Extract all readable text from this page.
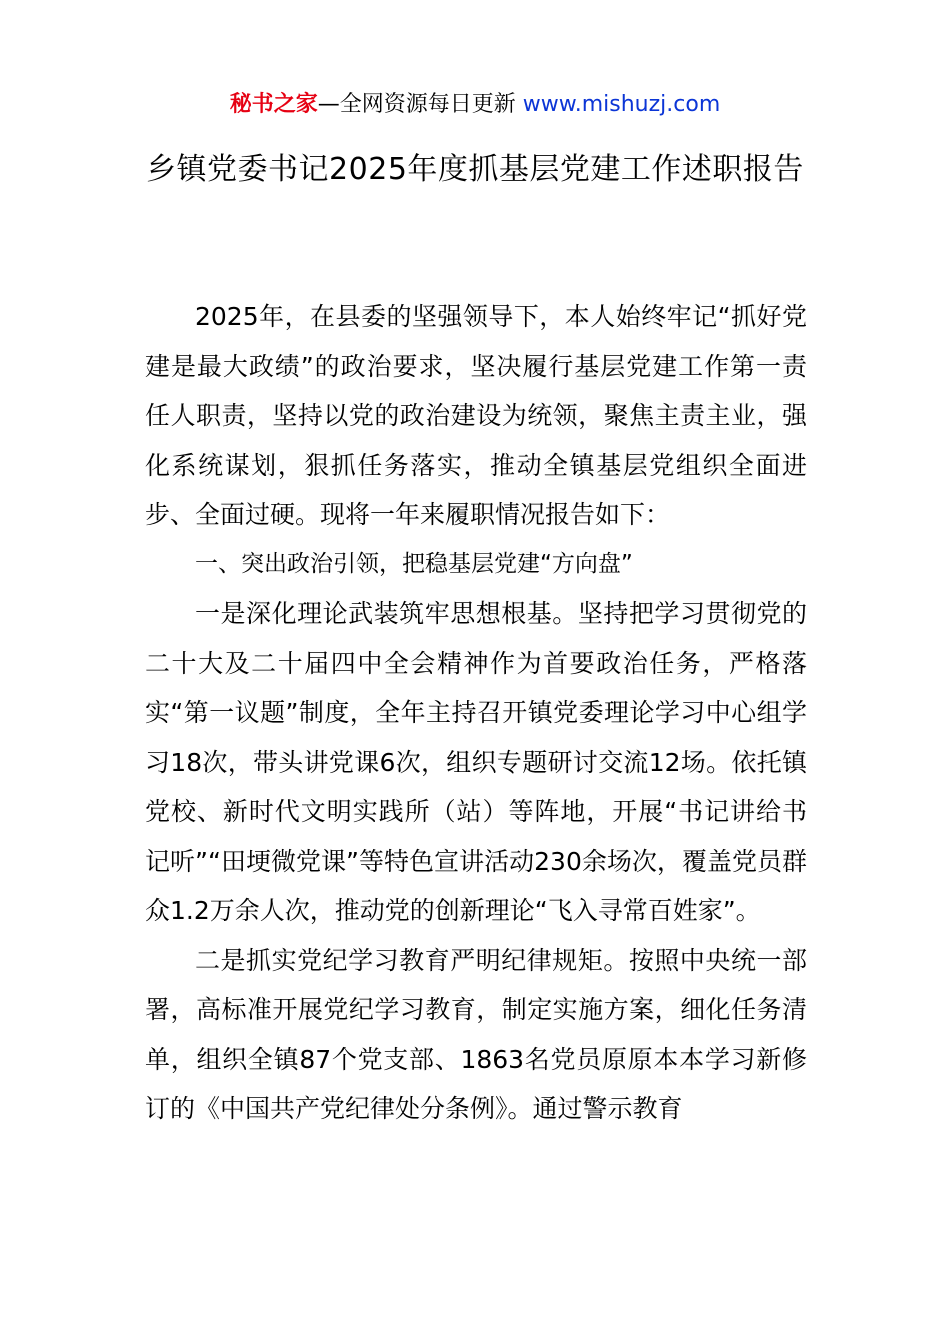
秘书之家—全网资源每日更新 www.mishuzj.com
乡镇党委书记2025年度抓基层党建工作述职报告

2025年，在县委的坚强领导下，本人始终牢记“抓好党建是最大政绩”的政治要求，坚决履行基层党建工作第一责任人职责，坚持以党的政治建设为统领，聚焦主责主业，强化系统谋划，狠抓任务落实，推动全镇基层党组织全面进步、全面过硬。现将一年来履职情况报告如下：

一、突出政治引领，把稳基层党建“方向盘”

一是深化理论武装筑牢思想根基。坚持把学习贯彻党的二十大及二十届四中全会精神作为首要政治任务，严格落实“第一议题”制度，全年主持召开镇党委理论学习中心组学习18次，带头讲党课6次，组织专题研讨交流12场。依托镇党校、新时代文明实践所（站）等阵地，开展“书记讲给书记听”“田埂微党课”等特色宣讲活动230余场次，覆盖党员群众1.2万余人次，推动党的创新理论“飞入寻常百姓家”。

二是抓实党纪学习教育严明纪律规矩。按照中央统一部署，高标准开展党纪学习教育，制定实施方案，细化任务清单，组织全镇87个党支部、1863名党员原原本本学习新修订的《中国共产党纪律处分条例》。通过警示教育
